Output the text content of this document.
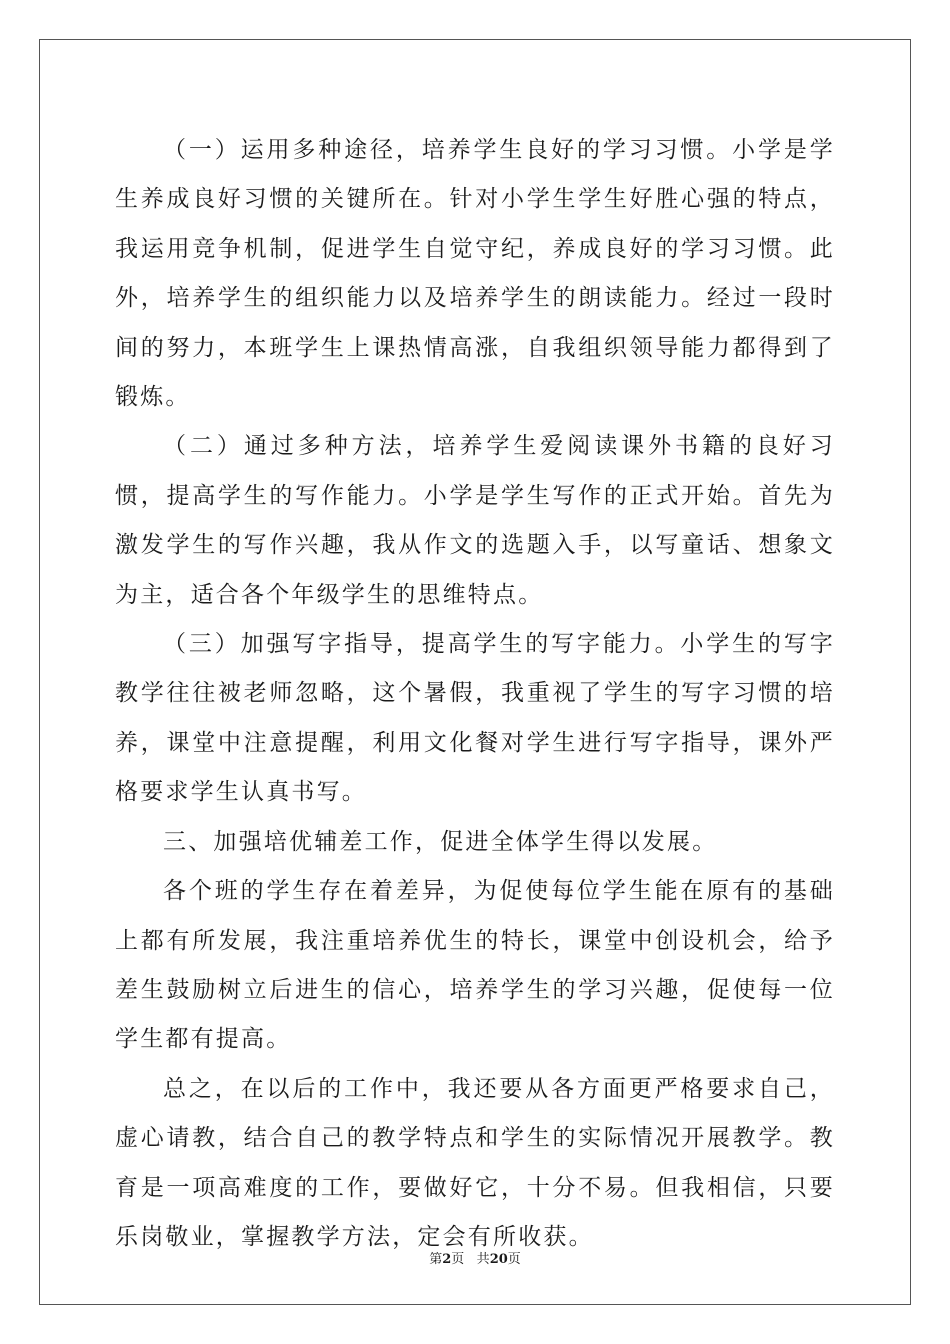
（一）运用多种途径，培养学生良好的学习习惯。小学是学生养成良好习惯的关键所在。针对小学生学生好胜心强的特点，我运用竞争机制，促进学生自觉守纪，养成良好的学习习惯。此外，培养学生的组织能力以及培养学生的朗读能力。经过一段时间的努力，本班学生上课热情高涨，自我组织领导能力都得到了锻炼。

（二）通过多种方法，培养学生爱阅读课外书籍的良好习惯，提高学生的写作能力。小学是学生写作的正式开始。首先为激发学生的写作兴趣，我从作文的选题入手，以写童话、想象文为主，适合各个年级学生的思维特点。

（三）加强写字指导，提高学生的写字能力。小学生的写字教学往往被老师忽略，这个暑假，我重视了学生的写字习惯的培养，课堂中注意提醒，利用文化餐对学生进行写字指导，课外严格要求学生认真书写。

三、加强培优辅差工作，促进全体学生得以发展。

各个班的学生存在着差异，为促使每位学生能在原有的基础上都有所发展，我注重培养优生的特长，课堂中创设机会，给予差生鼓励树立后进生的信心，培养学生的学习兴趣，促使每一位学生都有提高。

总之，在以后的工作中，我还要从各方面更严格要求自己，虚心请教，结合自己的教学特点和学生的实际情况开展教学。教育是一项高难度的工作，要做好它，十分不易。但我相信，只要乐岗敬业，掌握教学方法，定会有所收获。

第2页 共20页
